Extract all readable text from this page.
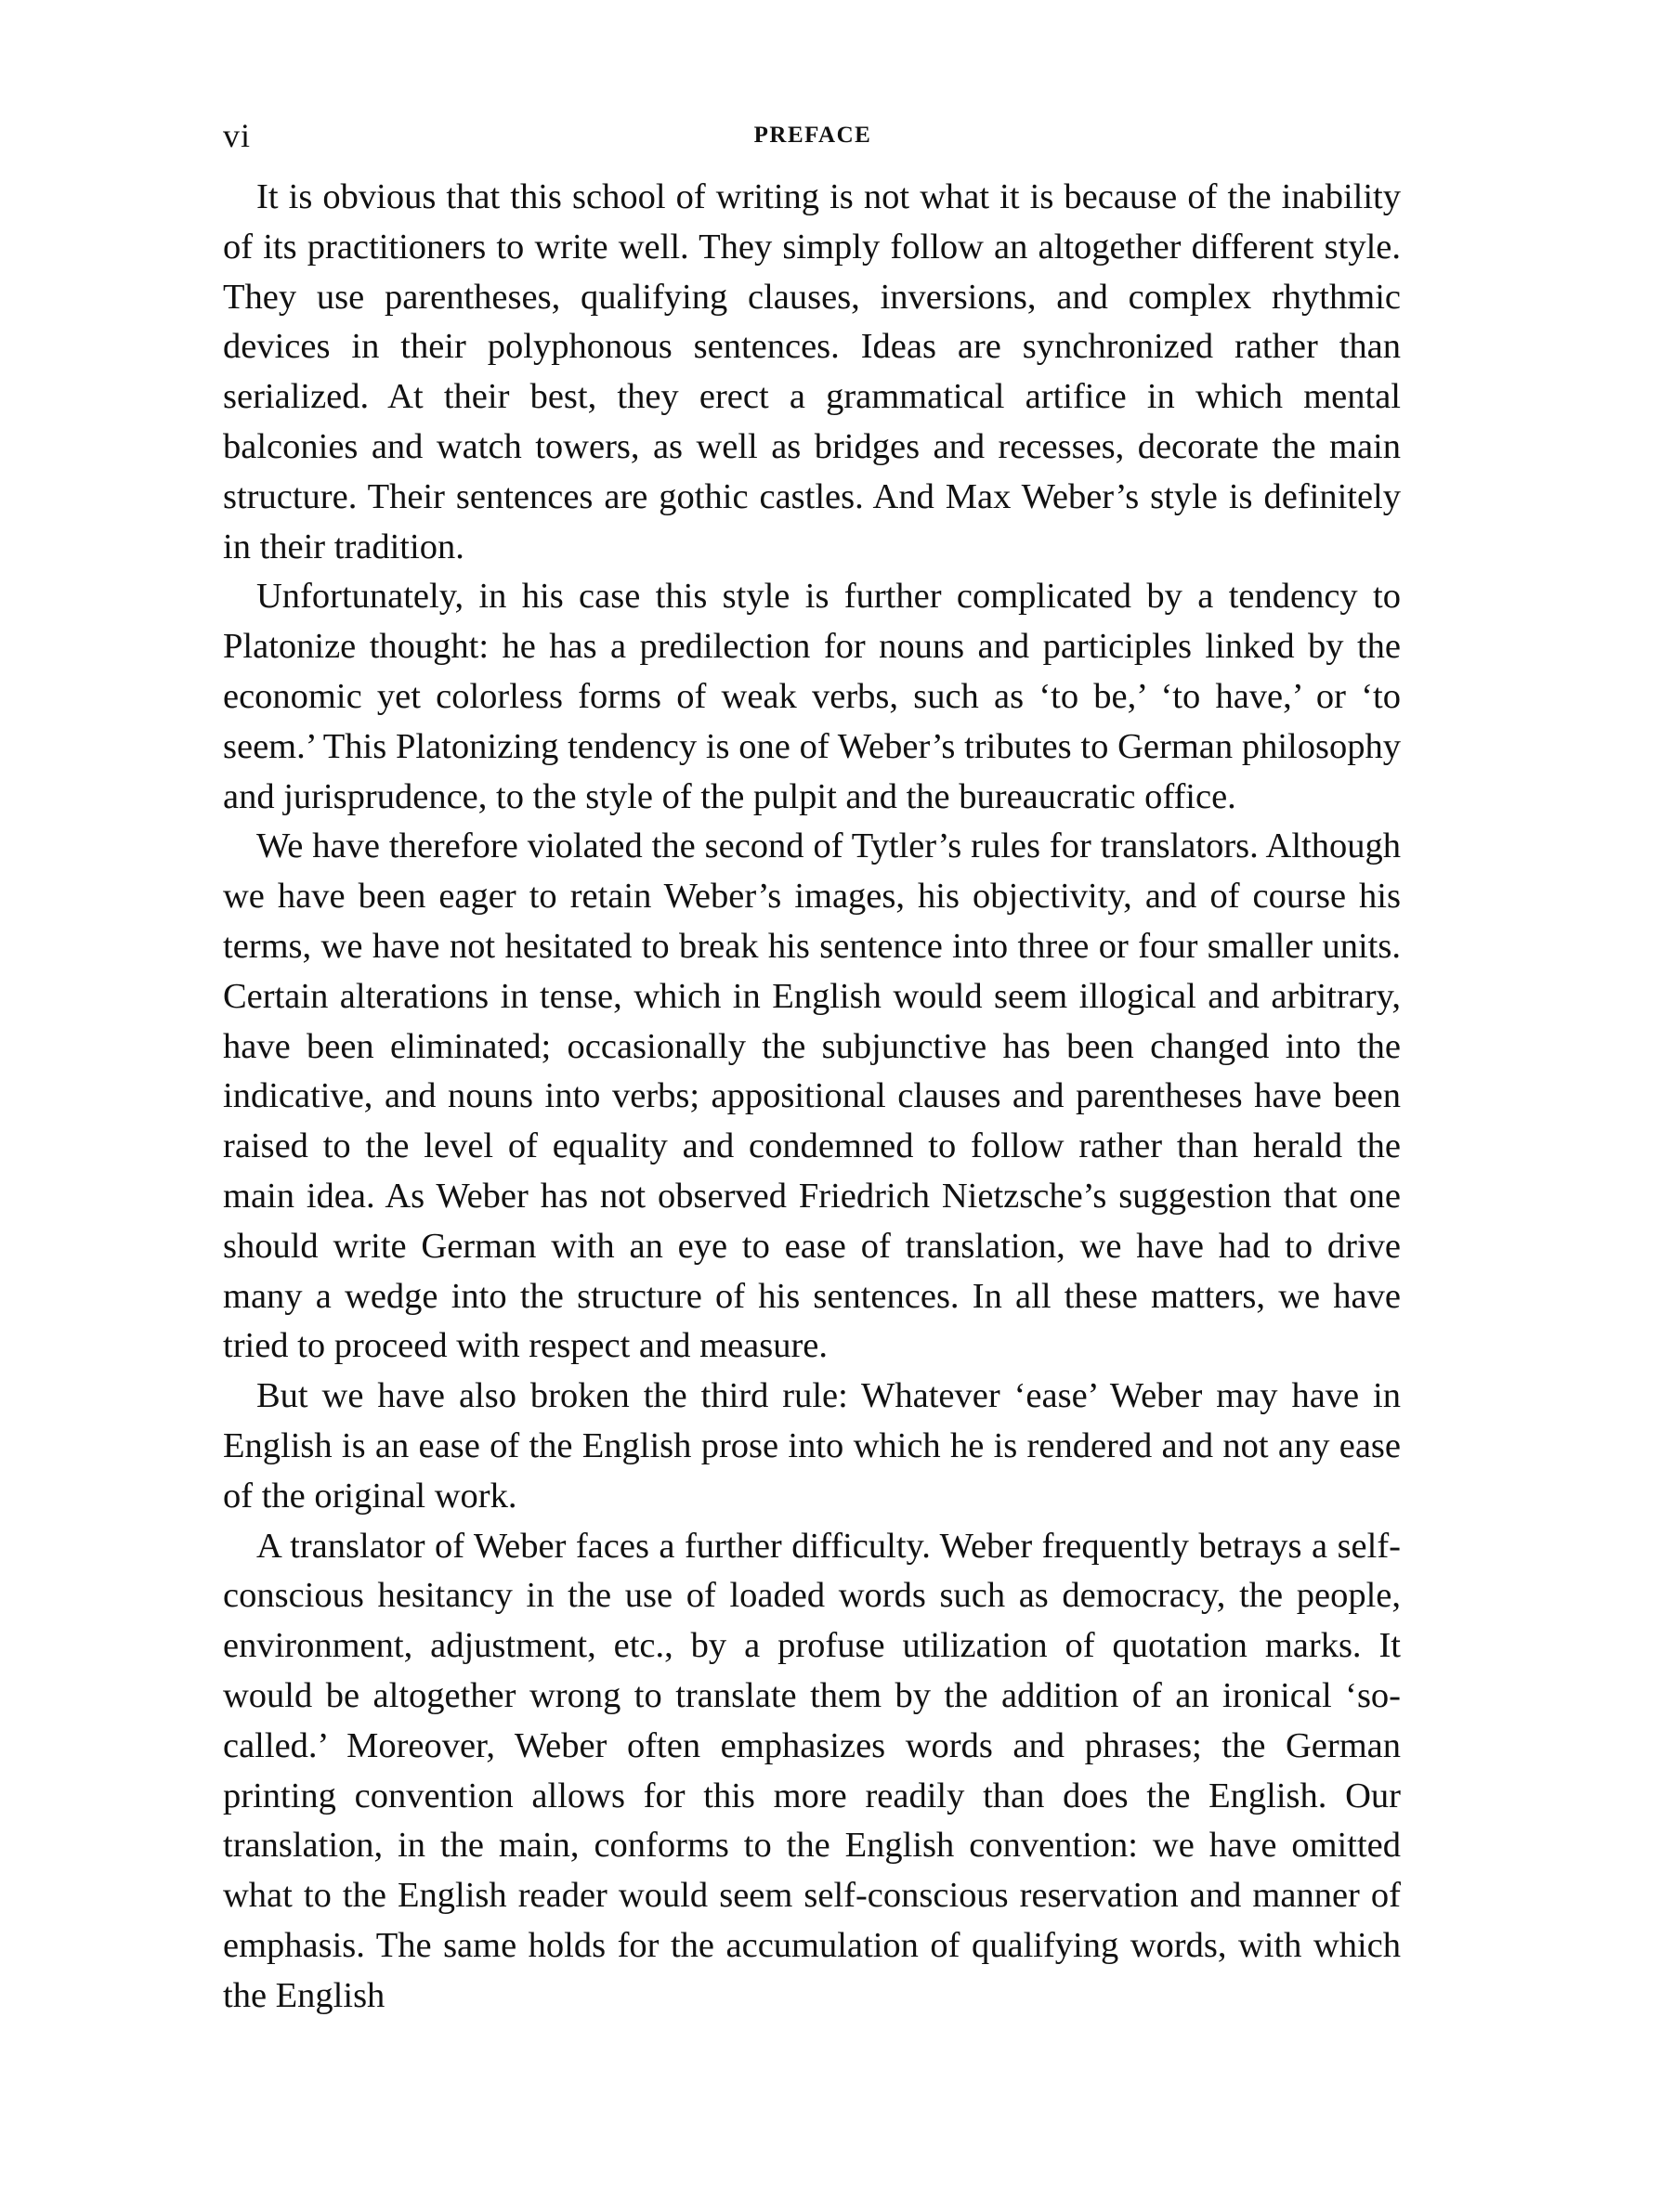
vi	PREFACE

It is obvious that this school of writing is not what it is because of the inability of its practitioners to write well. They simply follow an altogether different style. They use parentheses, qualifying clauses, inversions, and complex rhythmic devices in their polyphonous sentences. Ideas are synchronized rather than serialized. At their best, they erect a grammatical artifice in which mental balconies and watch towers, as well as bridges and recesses, decorate the main structure. Their sentences are gothic castles. And Max Weber’s style is definitely in their tradition.

Unfortunately, in his case this style is further complicated by a tendency to Platonize thought: he has a predilection for nouns and participles linked by the economic yet colorless forms of weak verbs, such as ‘to be,’ ‘to have,’ or ‘to seem.’ This Platonizing tendency is one of Weber’s tributes to German philosophy and jurisprudence, to the style of the pulpit and the bureaucratic office.

We have therefore violated the second of Tytler’s rules for translators. Although we have been eager to retain Weber’s images, his objectivity, and of course his terms, we have not hesitated to break his sentence into three or four smaller units. Certain alterations in tense, which in English would seem illogical and arbitrary, have been eliminated; occasionally the subjunctive has been changed into the indicative, and nouns into verbs; appositional clauses and parentheses have been raised to the level of equality and condemned to follow rather than herald the main idea. As Weber has not observed Friedrich Nietzsche’s suggestion that one should write German with an eye to ease of translation, we have had to drive many a wedge into the structure of his sentences. In all these matters, we have tried to proceed with respect and measure.

But we have also broken the third rule: Whatever ‘ease’ Weber may have in English is an ease of the English prose into which he is rendered and not any ease of the original work.

A translator of Weber faces a further difficulty. Weber frequently betrays a self-conscious hesitancy in the use of loaded words such as democracy, the people, environment, adjustment, etc., by a profuse utilization of quotation marks. It would be altogether wrong to translate them by the addition of an ironical ‘so-called.’ Moreover, Weber often emphasizes words and phrases; the German printing convention allows for this more readily than does the English. Our translation, in the main, conforms to the English convention: we have omitted what to the English reader would seem self-conscious reservation and manner of emphasis. The same holds for the accumulation of qualifying words, with which the English
